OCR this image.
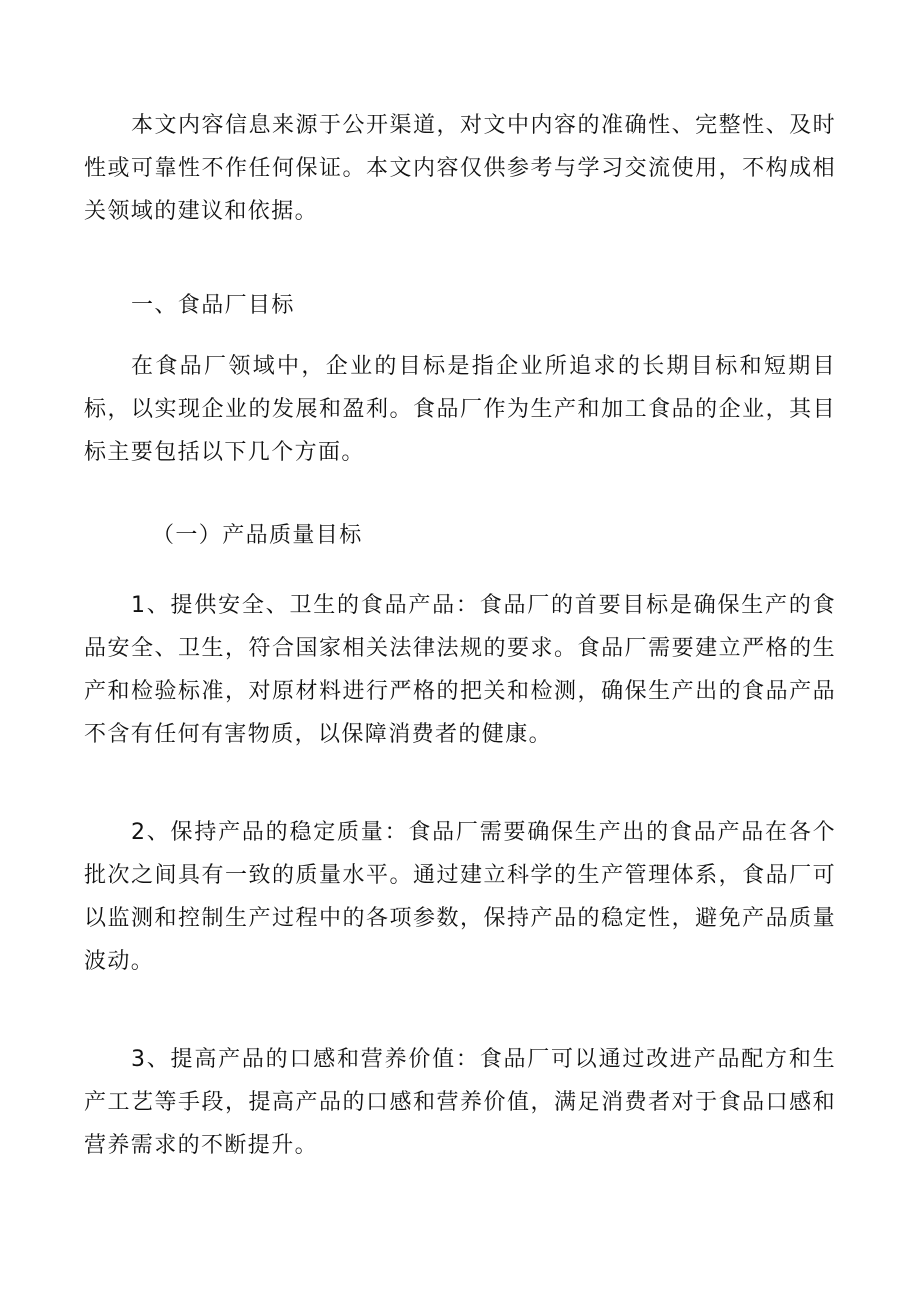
本文内容信息来源于公开渠道，对文中内容的准确性、完整性、及时性或可靠性不作任何保证。本文内容仅供参考与学习交流使用，不构成相关领域的建议和依据。

一、食品厂目标

在食品厂领域中，企业的目标是指企业所追求的长期目标和短期目标，以实现企业的发展和盈利。食品厂作为生产和加工食品的企业，其目标主要包括以下几个方面。

（一）产品质量目标

1、提供安全、卫生的食品产品：食品厂的首要目标是确保生产的食品安全、卫生，符合国家相关法律法规的要求。食品厂需要建立严格的生产和检验标准，对原材料进行严格的把关和检测，确保生产出的食品产品不含有任何有害物质，以保障消费者的健康。

2、保持产品的稳定质量：食品厂需要确保生产出的食品产品在各个批次之间具有一致的质量水平。通过建立科学的生产管理体系，食品厂可以监测和控制生产过程中的各项参数，保持产品的稳定性，避免产品质量波动。

3、提高产品的口感和营养价值：食品厂可以通过改进产品配方和生产工艺等手段，提高产品的口感和营养价值，满足消费者对于食品口感和营养需求的不断提升。
